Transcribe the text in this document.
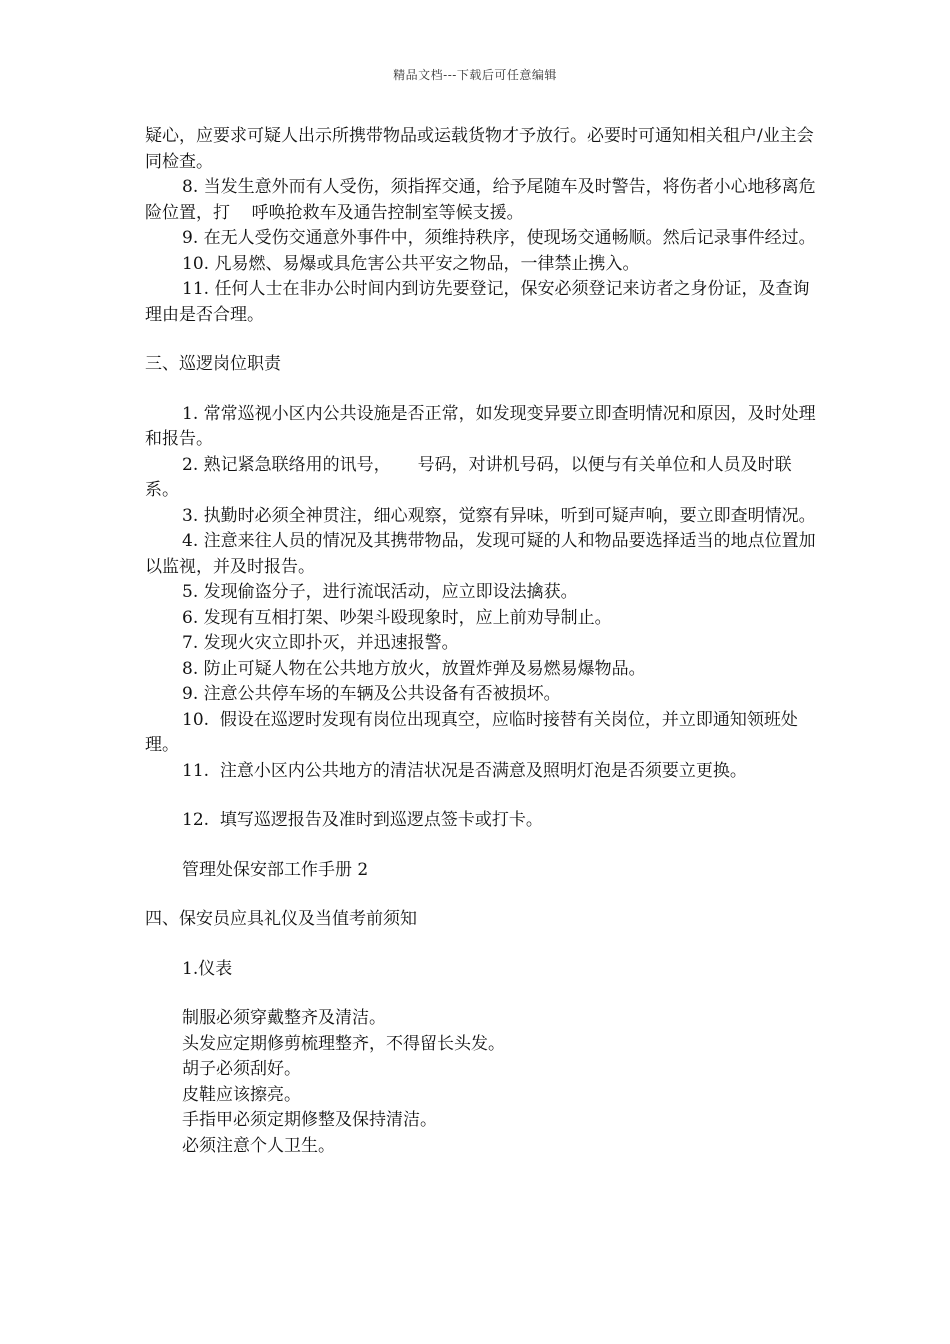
精品文档---下载后可任意编辑
疑心，应要求可疑人出示所携带物品或运载货物才予放行。必要时可通知相关租户/业主会同检查。
8. 当发生意外而有人受伤，须指挥交通，给予尾随车及时警告，将伤者小心地移离危险位置，打    呼唤抢救车及通告控制室等候支援。
9. 在无人受伤交通意外事件中，须维持秩序，使现场交通畅顺。然后记录事件经过。
10. 凡易燃、易爆或具危害公共平安之物品，一律禁止携入。
11. 任何人士在非办公时间内到访先要登记，保安必须登记来访者之身份证，及查询理由是否合理。
三、巡逻岗位职责
1. 常常巡视小区内公共设施是否正常，如发现变异要立即查明情况和原因，及时处理和报告。
2. 熟记紧急联络用的讯号，     号码，对讲机号码，以便与有关单位和人员及时联系。
3. 执勤时必须全神贯注，细心观察，觉察有异味，听到可疑声响，要立即查明情况。
4. 注意来往人员的情况及其携带物品，发现可疑的人和物品要选择适当的地点位置加以监视，并及时报告。
5. 发现偷盗分子，进行流氓活动，应立即设法擒获。
6. 发现有互相打架、吵架斗殴现象时，应上前劝导制止。
7. 发现火灾立即扑灭，并迅速报警。
8. 防止可疑人物在公共地方放火，放置炸弹及易燃易爆物品。
9. 注意公共停车场的车辆及公共设备有否被损坏。
10.  假设在巡逻时发现有岗位出现真空，应临时接替有关岗位，并立即通知领班处理。
11.  注意小区内公共地方的清洁状况是否满意及照明灯泡是否须要立更换。
12.  填写巡逻报告及准时到巡逻点签卡或打卡。
管理处保安部工作手册 2
四、保安员应具礼仪及当值考前须知
1.仪表
制服必须穿戴整齐及清洁。
头发应定期修剪梳理整齐，不得留长头发。
胡子必须刮好。
皮鞋应该擦亮。
手指甲必须定期修整及保持清洁。
必须注意个人卫生。
